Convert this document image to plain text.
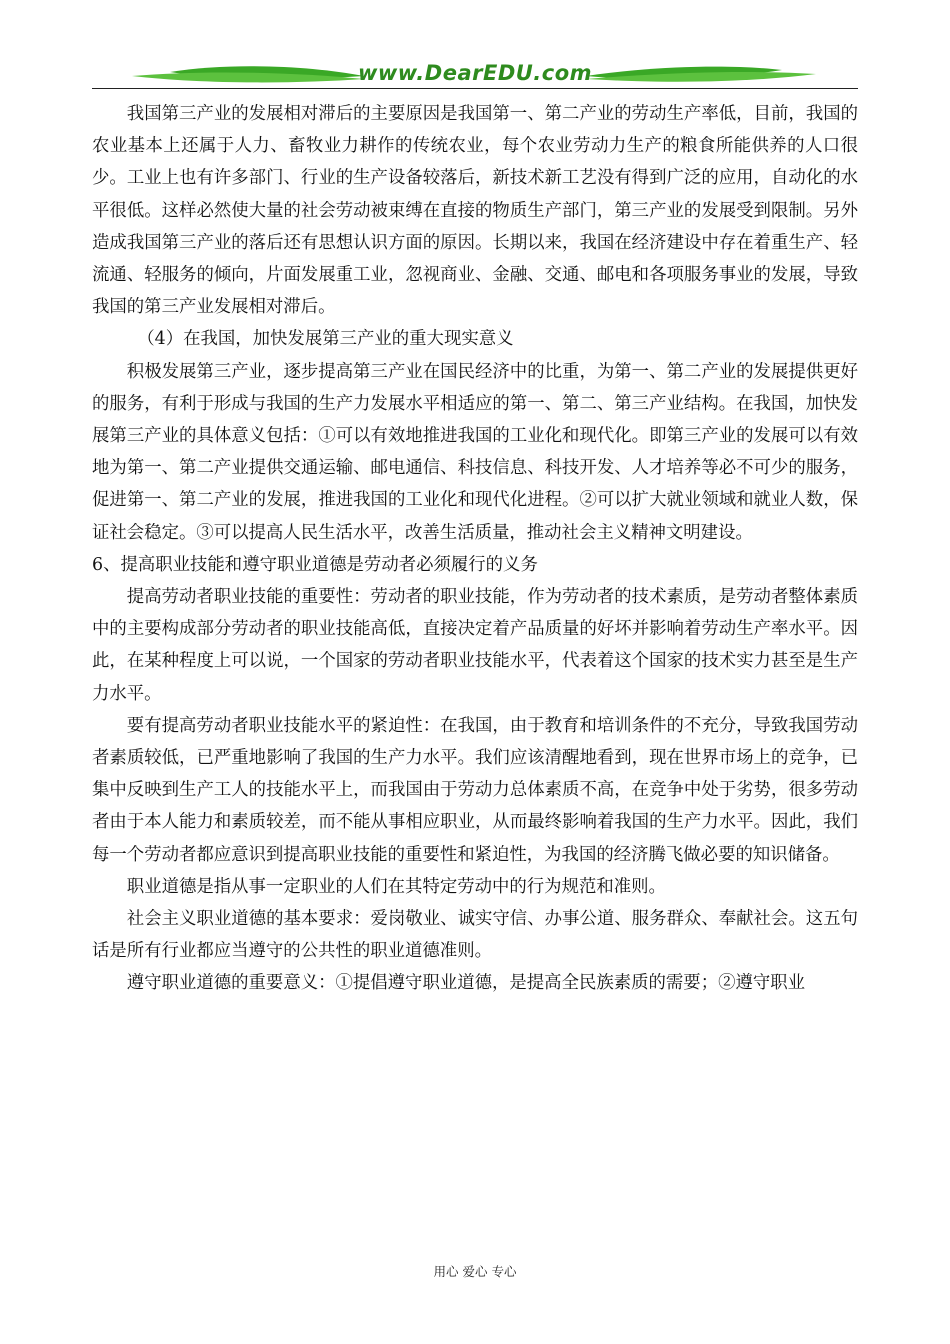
www.DearEDU.com

我国第三产业的发展相对滞后的主要原因是我国第一、第二产业的劳动生产率低，目前，我国的农业基本上还属于人力、畜牧业力耕作的传统农业，每个农业劳动力生产的粮食所能供养的人口很少。工业上也有许多部门、行业的生产设备较落后，新技术新工艺没有得到广泛的应用，自动化的水平很低。这样必然使大量的社会劳动被束缚在直接的物质生产部门，第三产业的发展受到限制。另外造成我国第三产业的落后还有思想认识方面的原因。长期以来，我国在经济建设中存在着重生产、轻流通、轻服务的倾向，片面发展重工业，忽视商业、金融、交通、邮电和各项服务事业的发展，导致我国的第三产业发展相对滞后。

（4）在我国，加快发展第三产业的重大现实意义

积极发展第三产业，逐步提高第三产业在国民经济中的比重，为第一、第二产业的发展提供更好的服务，有利于形成与我国的生产力发展水平相适应的第一、第二、第三产业结构。在我国，加快发展第三产业的具体意义包括：①可以有效地推进我国的工业化和现代化。即第三产业的发展可以有效地为第一、第二产业提供交通运输、邮电通信、科技信息、科技开发、人才培养等必不可少的服务，促进第一、第二产业的发展，推进我国的工业化和现代化进程。②可以扩大就业领域和就业人数，保证社会稳定。③可以提高人民生活水平，改善生活质量，推动社会主义精神文明建设。

6、提高职业技能和遵守职业道德是劳动者必须履行的义务

提高劳动者职业技能的重要性：劳动者的职业技能，作为劳动者的技术素质，是劳动者整体素质中的主要构成部分劳动者的职业技能高低，直接决定着产品质量的好坏并影响着劳动生产率水平。因此，在某种程度上可以说，一个国家的劳动者职业技能水平，代表着这个国家的技术实力甚至是生产力水平。

要有提高劳动者职业技能水平的紧迫性：在我国，由于教育和培训条件的不充分，导致我国劳动者素质较低，已严重地影响了我国的生产力水平。我们应该清醒地看到，现在世界市场上的竞争，已集中反映到生产工人的技能水平上，而我国由于劳动力总体素质不高，在竞争中处于劣势，很多劳动者由于本人能力和素质较差，而不能从事相应职业，从而最终影响着我国的生产力水平。因此，我们每一个劳动者都应意识到提高职业技能的重要性和紧迫性，为我国的经济腾飞做必要的知识储备。

职业道德是指从事一定职业的人们在其特定劳动中的行为规范和准则。

社会主义职业道德的基本要求：爱岗敬业、诚实守信、办事公道、服务群众、奉献社会。这五句话是所有行业都应当遵守的公共性的职业道德准则。

遵守职业道德的重要意义：①提倡遵守职业道德，是提高全民族素质的需要；②遵守职业

用心 爱心 专心
